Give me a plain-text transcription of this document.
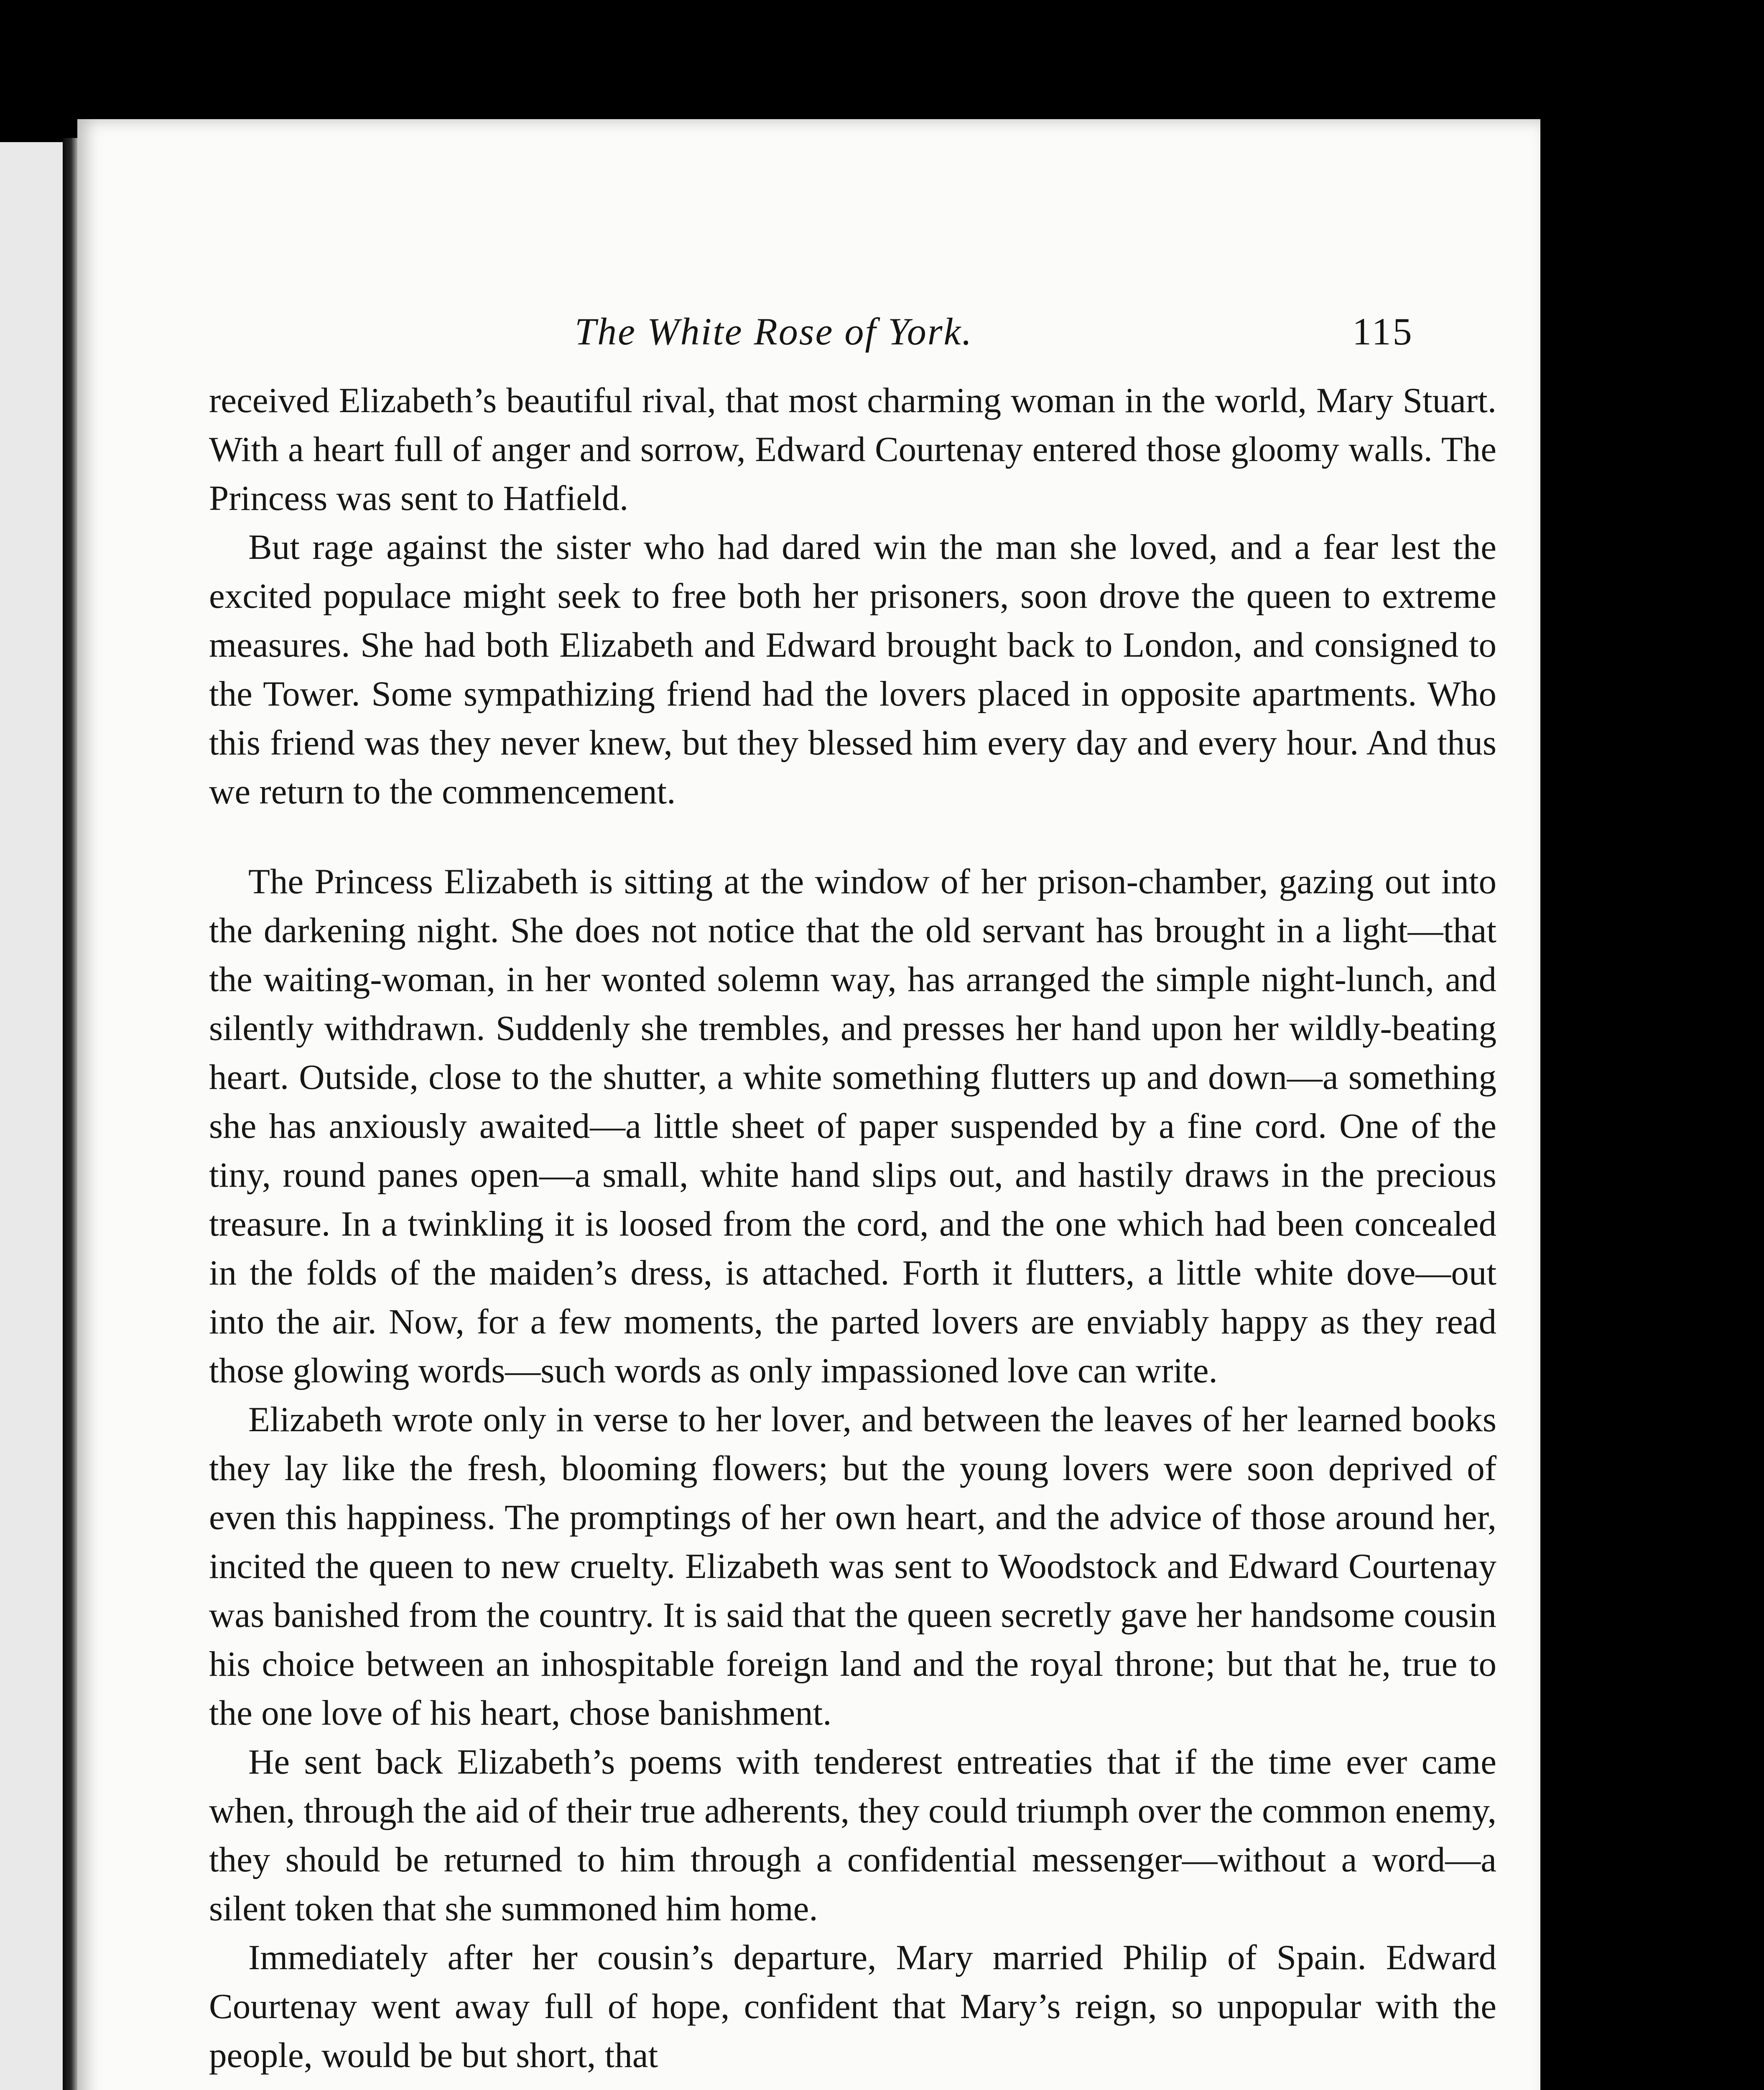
The White Rose of York.	115

received Elizabeth’s beautiful rival, that most charming woman in the world, Mary Stuart. With a heart full of anger and sorrow, Edward Courtenay entered those gloomy walls. The Princess was sent to Hatfield.

But rage against the sister who had dared win the man she loved, and a fear lest the excited populace might seek to free both her prisoners, soon drove the queen to extreme measures. She had both Elizabeth and Edward brought back to London, and consigned to the Tower. Some sympathizing friend had the lovers placed in opposite apartments. Who this friend was they never knew, but they blessed him every day and every hour. And thus we return to the commencement.

The Princess Elizabeth is sitting at the window of her prison-chamber, gazing out into the darkening night. She does not notice that the old servant has brought in a light—that the waiting-woman, in her wonted solemn way, has arranged the simple night-lunch, and silently withdrawn. Suddenly she trembles, and presses her hand upon her wildly-beating heart. Outside, close to the shutter, a white something flutters up and down—a something she has anxiously awaited—a little sheet of paper suspended by a fine cord. One of the tiny, round panes open—a small, white hand slips out, and hastily draws in the precious treasure. In a twinkling it is loosed from the cord, and the one which had been concealed in the folds of the maiden’s dress, is attached. Forth it flutters, a little white dove—out into the air. Now, for a few moments, the parted lovers are enviably happy as they read those glowing words—such words as only impassioned love can write.

Elizabeth wrote only in verse to her lover, and between the leaves of her learned books they lay like the fresh, blooming flowers; but the young lovers were soon deprived of even this happiness. The promptings of her own heart, and the advice of those around her, incited the queen to new cruelty. Elizabeth was sent to Woodstock and Edward Courtenay was banished from the country. It is said that the queen secretly gave her handsome cousin his choice between an inhospitable foreign land and the royal throne; but that he, true to the one love of his heart, chose banishment.

He sent back Elizabeth’s poems with tenderest entreaties that if the time ever came when, through the aid of their true adherents, they could triumph over the common enemy, they should be returned to him through a confidential messenger—without a word—a silent token that she summoned him home.

Immediately after her cousin’s departure, Mary married Philip of Spain. Edward Courtenay went away full of hope, confident that Mary’s reign, so unpopular with the people, would be but short, that
